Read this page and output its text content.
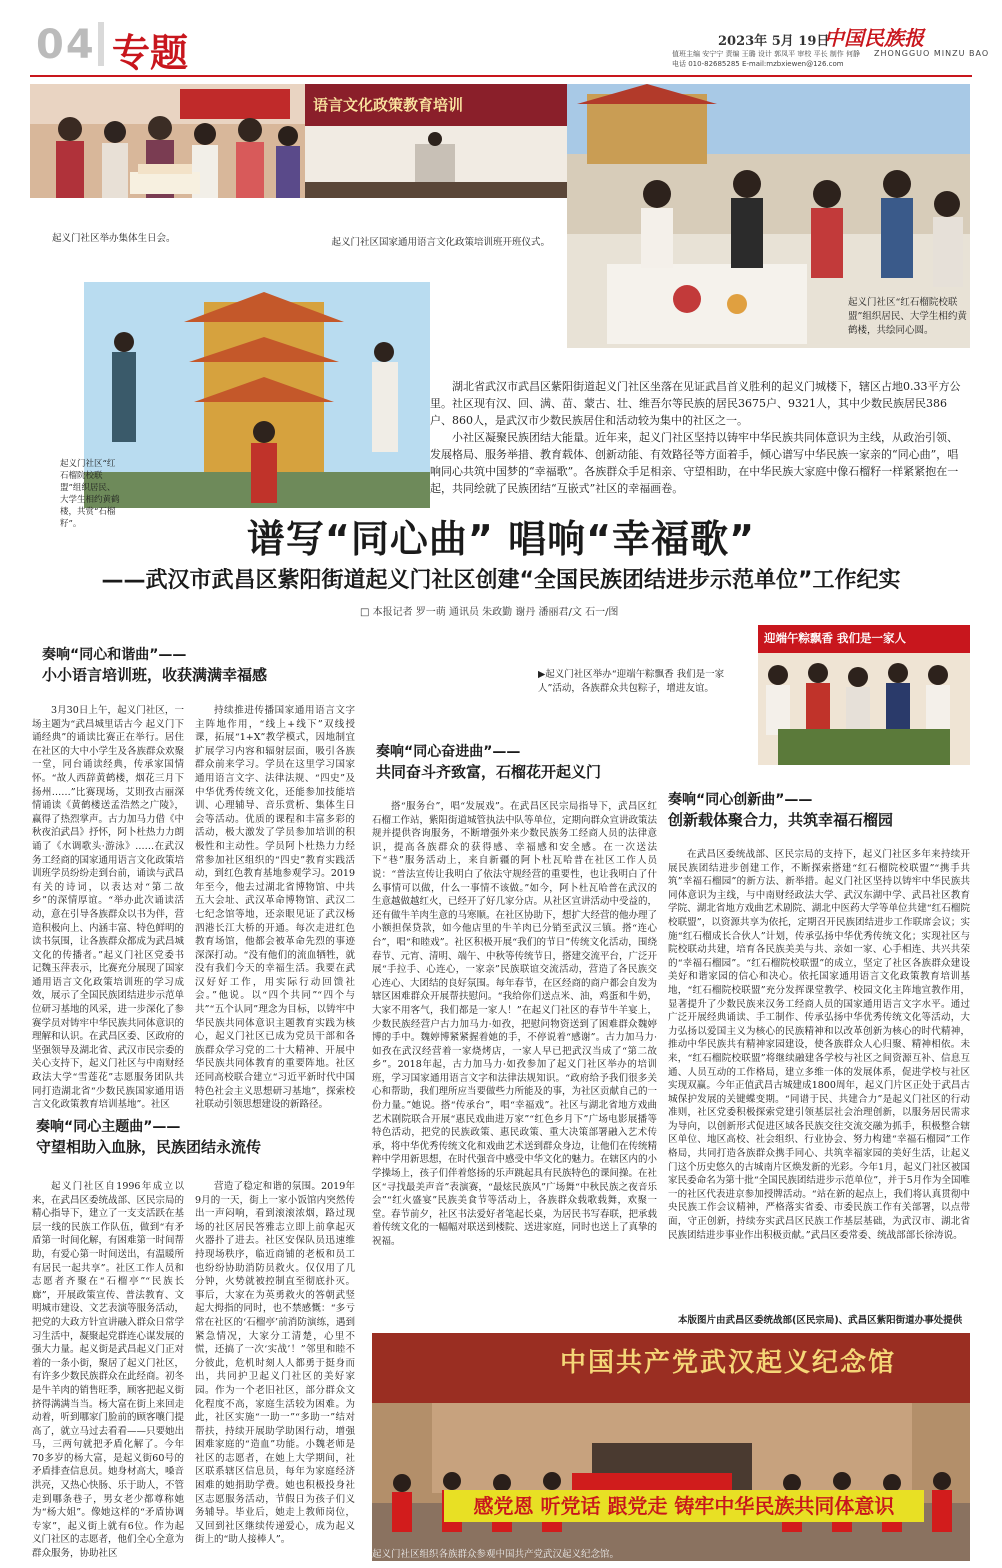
04 专题	2023年 5月 19日
中国民族报
ZHONGGUO MINZU BAO
值班主编 安宁宁 责编 王璐 设计 郭凤平 审校 平长 制作 何静
电话 010-82685285 E-mail:mzbxiewen@126.com
起义门社区举办集体生日会。
语言文化政策教育培训
起义门社区国家通用语言文化政策培训班开班仪式。
起义门社区“红石榴院校联盟”组织居民、大学生相约黄鹤楼，共绘同心圆。
起义门社区“红石榴院校联盟”组织居民、大学生相约黄鹤楼，共赏“石榴籽”。

湖北省武汉市武昌区紫阳街道起义门社区坐落在见证武昌首义胜利的起义门城楼下，辖区占地0.33平方公里。社区现有汉、回、满、苗、蒙古、壮、维吾尔等民族的居民3675户、9321人，其中少数民族居民386户、860人，是武汉市少数民族居住和活动较为集中的社区之一。

小社区凝聚民族团结大能量。近年来，起义门社区坚持以铸牢中华民族共同体意识为主线，从政治引领、发展格局、服务举措、教育载体、创新动能、有效路径等方面着手，倾心谱写中华民族一家亲的“同心曲”，唱响同心共筑中国梦的“幸福歌”。各族群众手足相亲、守望相助，在中华民族大家庭中像石榴籽一样紧紧抱在一起，共同绘就了民族团结“互嵌式”社区的幸福画卷。

谱写“同心曲” 唱响“幸福歌”
——武汉市武昌区紫阳街道起义门社区创建“全国民族团结进步示范单位”工作纪实
□ 本报记者 罗一萌 通讯员 朱政勤 谢丹 潘丽君/文 石一/图
奏响“同心和谐曲”——
小小语言培训班，收获满满幸福感

3月30日上午，起义门社区，一场主题为“武昌城里话古今 起义门下诵经典”的诵读比赛正在举行。居住在社区的大中小学生及各族群众欢聚一堂，同台诵读经典，传承家国情怀。“故人西辞黄鹤楼，烟花三月下扬州……”比赛现场，艾則孜古丽深情诵读《黄鹤楼送孟浩然之广陵》，赢得了热烈掌声。古力加马力借《中秋夜泊武昌》抒怀，阿卜杜热力力朗诵了《水调歌头·游泳》……在武汉务工经商的国家通用语言文化政策培训班学员纷纷走到台前，诵读与武昌有关的诗词，以表达对“第二故乡”的深情厚谊。“举办此次诵读活动，意在引导各族群众以书为伴，营造积极向上、内涵丰富、特色鲜明的读书氛围，让各族群众都成为武昌城文化的传播者。”起义门社区党委书记魏玉萍表示，比赛充分展现了国家通用语言文化政策培训班的学习成效，展示了全国民族团结进步示范单位研习基地的风采，进一步深化了参赛学员对铸牢中华民族共同体意识的理解和认识。在武昌区委、区政府的坚强领导及湖北省、武汉市民宗委的关心支持下，起义门社区与中南财经政法大学“雪莲花”志愿服务团队共同打造湖北省“少数民族国家通用语言文化政策教育培训基地”。社区

持续推进传播国家通用语言文字主阵地作用，“线上+线下”双线授课，拓展“1+X”教学模式，因地制宜扩展学习内容和辐射层面，吸引各族群众前来学习。学员在这里学习国家通用语言文字、法律法规、“四史”及中华优秀传统文化，还能参加技能培训、心理辅导、音乐赏析、集体生日会等活动。优质的课程和丰富多彩的活动，极大激发了学员参加培训的积极性和主动性。学员阿卜杜热力力经常参加社区组织的“四史”教育实践活动，到红色教育基地参观学习。2019年至今，他去过湖北省博物馆、中共五大会址、武汉革命博物馆、武汉二七纪念馆等地，还亲眼见证了武汉杨泗港长江大桥的开通。每次走进红色教育场馆，他都会被革命先烈的事迹深深打动。“没有他们的流血牺牲，就没有我们今天的幸福生活。我要在武汉好好工作，用实际行动回馈社会。”他说。以“四个共同”“四个与共”“五个认同”理念为目标，以铸牢中华民族共同体意识主题教育实践为核心，起义门社区已成为党员干部和各族群众学习党的二十大精神、开展中华民族共同体教育的重要阵地。社区还同高校联合建立“习近平新时代中国特色社会主义思想研习基地”，探索校社联动引领思想建设的新路径。

奏响“同心主题曲”——
守望相助入血脉，民族团结永流传

起义门社区自1996年成立以来，在武昌区委统战部、区民宗局的精心指导下，建立了一支支活跃在基层一线的民族工作队伍，做到“有矛盾第一时间化解，有困难第一时间帮助，有爱心第一时间送出，有温暖所有居民一起共享”。社区工作人员和志愿者齐聚在“石榴亭”“民族长廊”，开展政策宣传、普法教育、文明城市建设、文艺表演等服务活动，把党的大政方针宣讲融入群众日常学习生活中，凝聚起党群连心谋发展的强大力量。起义街是武昌起义门正对着的一条小街，聚居了起义门社区，有许多少数民族群众在此经商。初冬是牛羊肉的销售旺季，顾客把起义街挤得满满当当。杨大富在街上来回走动着，听到哪家门脸前的顾客嚷门提高了，就立马过去看看——只要她出马，三两句就把矛盾化解了。今年70多岁的杨大富，是起义街60号的矛盾排查信息员。她身材高大，嗓音洪亮，又热心快肠、乐于助人，不管走到哪条巷子，男女老少都尊称她为“杨大姐”。像她这样的“矛盾协调专家”，起义街上就有6位。作为起义门社区的志愿者，他们全心全意为群众服务，协助社区

营造了稳定和谐的氛围。2019年9月的一天，街上一家小饭馆内突然传出一声闷响，看到滚滚浓烟，路过现场的社区居民答雅志立即上前拿起灭火器扑了进去。社区安保队员迅速维持现场秩序，临近商铺的老板和员工也纷纷协助消防员救火。仅仅用了几分钟，火势就被控制直至彻底扑灭。事后，大家在为英勇救火的答朝武竖起大拇指的同时，也不禁感慨：“多亏常在社区的‘石榴亭’前消防演练，遇到紧急情况，大家分工清楚，心里不慌，还搞了一次‘实战’！”邻里和睦不分彼此，危机时刻人人都勇于挺身而出，共同护卫起义门社区的美好家园。作为一个老旧社区，部分群众文化程度不高，家庭生活较为困难。为此，社区实施“一助一”“多助一”结对帮扶，持续开展助学助困行动，增强困难家庭的“造血”功能。小魏老师是社区的志愿者，在她上大学期间，社区联系辖区信息员，每年为家庭经济困难的她捐助学费。她也积极投身社区志愿服务活动，节假日为孩子们义务辅导。毕业后，她走上教师岗位，又回到社区继续传递爱心，成为起义街上的“助人接棒人”。

奏响“同心奋进曲”——
共同奋斗齐致富，石榴花开起义门

搭“服务台”，唱“发展戏”。在武昌区民宗局指导下，武昌区红石榴工作站，紫阳街道城管执法中队等单位，定期向群众宣讲政策法规并提供咨询服务，不断增强外来少数民族务工经商人员的法律意识，提高各族群众的获得感、幸福感和安全感。在一次送法下“巷”服务活动上，来自新疆的阿卜杜瓦哈普在社区工作人员说：“普法宣传让我明白了依法守规经营的重要性，也让我明白了什么事情可以做，什么一事情不该做。”如今，阿卜杜瓦哈普在武汉的生意越做越红火，已经开了好几家分店。从社区宣讲活动中受益的，还有做牛羊肉生意的马寒顺。在社区协助下，想扩大经营的他办理了小额担保贷款，如今他店里的牛羊肉已分销至武汉三镇。搭“连心台”，唱“和睦戏”。社区积极开展“我们的节日”传统文化活动，围绕春节、元宵、清明、端午、中秋等传统节日，搭建交流平台，广泛开展“手拉手、心连心，一家亲”民族联谊交流活动，营造了各民族交心连心、大团结的良好氛围。每年春节，在区经商的商户都会自发为辖区困难群众开展帮扶慰问。“我给你们送点米、油，鸡蛋和牛奶，大家不用客气，我们都是一家人！”在起义门社区的春节牛羊宴上，少数民族经营户古力加马力·如孜，把慰问物资送到了困难群众魏婷博的手中。魏婷博紧紧握着她的手，不停说着“感谢”。古力加马力·如孜在武汉经营着一家烧烤店，一家人早已把武汉当成了“第二故乡”。2018年起，古力加马力·如孜参加了起义门社区举办的培训班，学习国家通用语言文字和法律法规知识。“政府给予我们很多关心和帮助，我们理所应当要做些力所能及的事，为社区贡献自己的一份力量。”她说。搭“传承台”，唱“幸福戏”。社区与湖北省地方戏曲艺术剧院联合开展“惠民戏曲进万家”“红色乡月下”广场电影展播等特色活动，把党的民族政策、惠民政策、重大决策部署融入艺术传承，将中华优秀传统文化和戏曲艺术送到群众身边，让他们在传统精粹中学用新思想，在时代强音中感受中华文化的魅力。在辖区内的小学操场上，孩子们伴着悠扬的乐声跳起具有民族特色的课间操。在社区“寻找最美声音”表演赛，“最炫民族风”广场舞“中秋民族之夜音乐会”“红火盛宴”民族美食节等活动上，各族群众载歌载舞，欢聚一堂。春节前夕，社区书法爱好者笔起长桌，为居民书写春联，把承载着传统文化的一幅幅对联送到楼院、送进家庭，同时也送上了真挚的祝福。

迎端午粽飘香 我们是一家人
▶起义门社区举办“迎端午粽飘香 我们是一家人”活动，各族群众共包粽子，增进友谊。
奏响“同心创新曲”——
创新载体聚合力，共筑幸福石榴园

在武昌区委统战部、区民宗局的支持下，起义门社区多年来持续开展民族团结进步创建工作，不断探索搭建“红石榴院校联盟”“携手共筑”幸福石榴园”的新方法、新举措。起义门社区坚持以铸牢中华民族共同体意识为主线，与中南财经政法大学、武汉东湖中学、武昌社区教育学院、湖北省地方戏曲艺术剧院、湖北中医药大学等单位共建“红石榴院校联盟”，以资源共享为依托，定期召开民族团结进步工作联席会议；实施“红石榴成长合伙人”计划，传承弘扬中华优秀传统文化；实现社区与院校联动共建，培育各民族美美与共、亲如一家、心手相连、共兴共荣的“幸福石榴园”。“红石榴院校联盟”的成立，坚定了社区各族群众建设美好和谐家园的信心和决心。依托国家通用语言文化政策教育培训基地，“红石榴院校联盟”充分发挥课堂教学、校园文化主阵地宣教作用，显著提升了少数民族来汉务工经商人员的国家通用语言文字水平。通过广泛开展经典诵读、手工制作、传承弘扬中华优秀传统文化等活动，大力弘扬以爱国主义为核心的民族精神和以改革创新为核心的时代精神，推动中华民族共有精神家园建设，使各族群众人心归聚、精神相依。未来，“红石榴院校联盟”将继续融建各学校与社区之间资源互补、信息互通、人员互动的工作格局，建立多维一体的发展体系，促进学校与社区实现双赢。今年正值武昌古城建成1800周年，起义门片区正处于武昌古城保护发展的关键蝶变期。“同谱于民、共建合力”是起义门社区的行动准则，社区党委积极探索党建引领基层社会治理创新，以服务居民需求为导向，以创新形式促进区域各民族交往交流交融为抓手，积极整合辖区单位、地区高校、社会组织、行业协会、努力构建“幸福石榴园”工作格局，共同打造各族群众携手同心、共筑幸福家园的美好生活，让起义门这个历史悠久的古城南片区焕发新的光彩。今年1月，起义门社区被国家民委命名为第十批“全国民族团结进步示范单位”，并于5月作为全国唯一的社区代表进京参加授牌活动。“站在新的起点上，我们将认真贯彻中央民族工作会议精神，严格落实省委、市委民族工作有关部署，以点带面，守正创新，持续夯实武昌区民族工作基层基础，为武汉市、湖北省民族团结进步事业作出积极贡献。”武昌区委常委、统战部部长徐涛说。

本版图片由武昌区委统战部(区民宗局)、武昌区紫阳街道办事处提供
中国共产党武汉起义纪念馆
感党恩 听党话 跟党走 铸牢中华民族共同体意识
起义门社区组织各族群众参观中国共产党武汉起义纪念馆。
